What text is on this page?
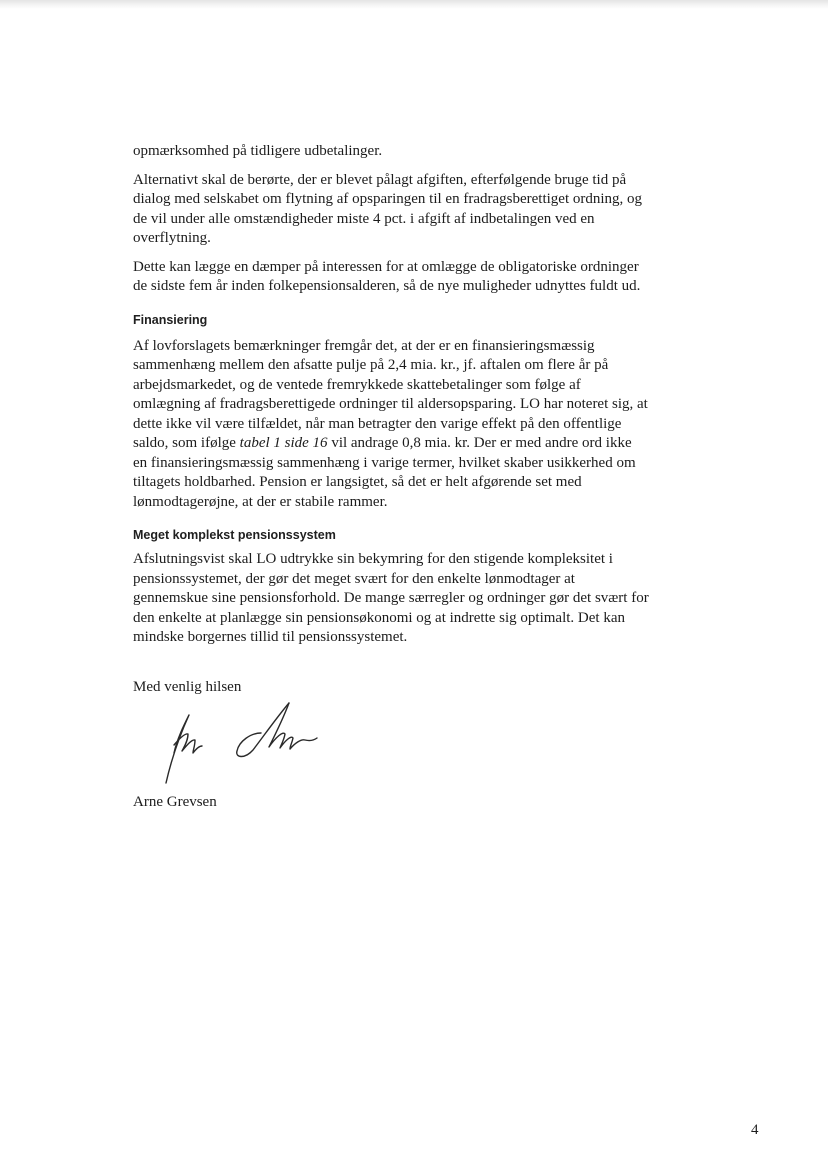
opmærksomhed på tidligere udbetalinger.

Alternativt skal de berørte, der er blevet pålagt afgiften, efterfølgende bruge tid på
dialog med selskabet om flytning af opsparingen til en fradragsberettiget ordning, og
de vil under alle omstændigheder miste 4 pct. i afgift af indbetalingen ved en
overflytning.

Dette kan lægge en dæmper på interessen for at omlægge de obligatoriske ordninger
de sidste fem år inden folkepensionsalderen, så de nye muligheder udnyttes fuldt ud.

Finansiering

Af lovforslagets bemærkninger fremgår det, at der er en finansieringsmæssig
sammenhæng mellem den afsatte pulje på 2,4 mia. kr., jf. aftalen om flere år på
arbejdsmarkedet, og de ventede fremrykkede skattebetalinger som følge af
omlægning af fradragsberettigede ordninger til aldersopsparing. LO har noteret sig, at
dette ikke vil være tilfældet, når man betragter den varige effekt på den offentlige
saldo, som ifølge tabel 1 side 16 vil andrage 0,8 mia. kr. Der er med andre ord ikke
en finansieringsmæssig sammenhæng i varige termer, hvilket skaber usikkerhed om
tiltagets holdbarhed. Pension er langsigtet, så det er helt afgørende set med
lønmodtagerøjne, at der er stabile rammer.

Meget komplekst pensionssystem

Afslutningsvist skal LO udtrykke sin bekymring for den stigende kompleksitet i
pensionssystemet, der gør det meget svært for den enkelte lønmodtager at
gennemskue sine pensionsforhold. De mange særregler og ordninger gør det svært for
den enkelte at planlægge sin pensionsøkonomi og at indrette sig optimalt. Det kan
mindske borgernes tillid til pensionssystemet.

Med venlig hilsen

Arne Grevsen

4
